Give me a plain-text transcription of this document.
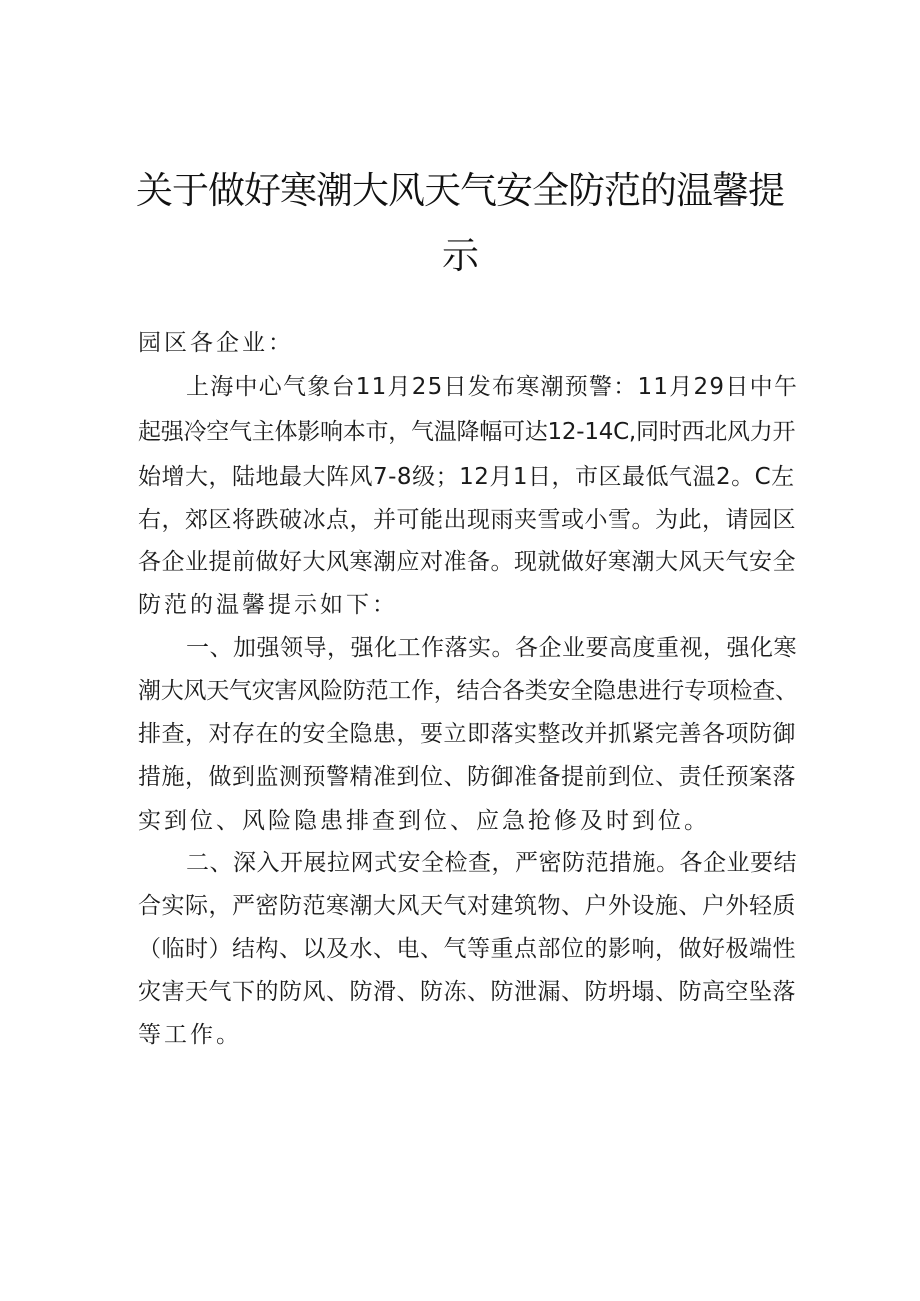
关于做好寒潮大风天气安全防范的温馨提
示
园区各企业：
上海中心气象台11月25日发布寒潮预警：11月29日中午
起强冷空气主体影响本市，气温降幅可达12-14C,同时西北风力开
始增大，陆地最大阵风7-8级；12月1日，市区最低气温2。C左
右，郊区将跌破冰点，并可能出现雨夹雪或小雪。为此，请园区
各企业提前做好大风寒潮应对准备。现就做好寒潮大风天气安全
防范的温馨提示如下：
一、加强领导，强化工作落实。各企业要高度重视，强化寒
潮大风天气灾害风险防范工作，结合各类安全隐患进行专项检查、
排查，对存在的安全隐患，要立即落实整改并抓紧完善各项防御
措施，做到监测预警精准到位、防御准备提前到位、责任预案落
实到位、风险隐患排查到位、应急抢修及时到位。
二、深入开展拉网式安全检查，严密防范措施。各企业要结
合实际，严密防范寒潮大风天气对建筑物、户外设施、户外轻质
（临时）结构、以及水、电、气等重点部位的影响，做好极端性
灾害天气下的防风、防滑、防冻、防泄漏、防坍塌、防高空坠落
等工作。
